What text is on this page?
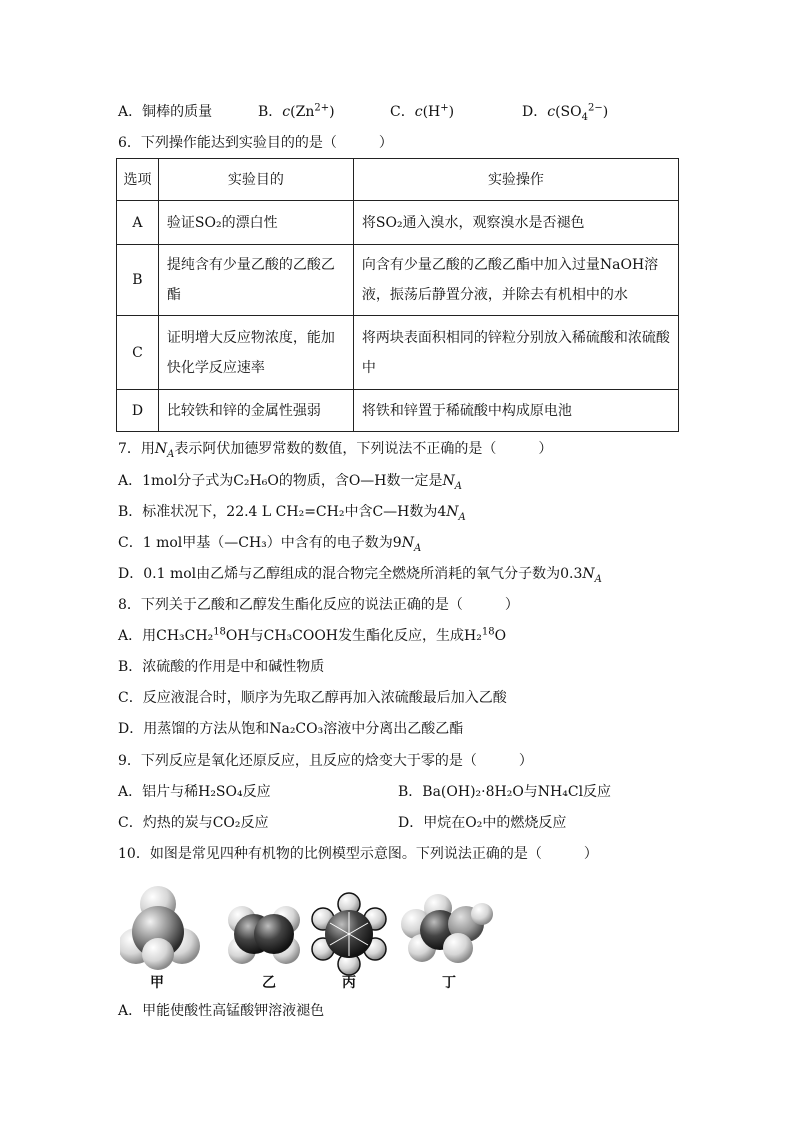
A．铜棒的质量	B．$c(Zn^{2+})$	C．c(H+)	D．$c(SO_4^{2-})$
6．下列操作能达到实验目的的是（　　　）
选项	实验目的	实验操作
A	验证SO₂的漂白性	将SO₂通入溴水，观察溴水是否褪色

B	提纯含有少量乙酸的乙酸乙酯	向含有少量乙酸的乙酸乙酯中加入过量NaOH溶液，振荡后静置分液，并除去有机相中的水

C	证明增大反应物浓度，能加快化学反应速率	将两块表面积相同的锌粒分别放入稀硫酸和浓硫酸中

D	比较铁和锌的金属性强弱	将铁和锌置于稀硫酸中构成原电池
7．用$N_A$表示阿伏加德罗常数的数值，下列说法不正确的是（　　　）
A．1mol分子式为C₂H₆O的物质，含O—H数一定是$N_A$
B．标准状况下，22.4 L CH₂=CH₂中含C—H数为$4N_A$
C．1 mol甲基（—CH₃）中含有的电子数为$9N_A$
D．0.1 mol由乙烯与乙醇组成的混合物完全燃烧所消耗的氧气分子数为$0.3N_A$
8．下列关于乙酸和乙醇发生酯化反应的说法正确的是（　　　）
A．用CH₃CH₂$^{18}$OH与CH₃COOH发生酯化反应，生成H₂$^{18}$O
B．浓硫酸的作用是中和碱性物质
C．反应液混合时，顺序为先取乙醇再加入浓硫酸最后加入乙酸
D．用蒸馏的方法从饱和Na₂CO₃溶液中分离出乙酸乙酯
9．下列反应是氧化还原反应，且反应的焓变大于零的是（　　　）
A．铝片与稀H₂SO₄反应	B．Ba(OH)₂·8H₂O与NH₄Cl反应
C．灼热的炭与CO₂反应	D．甲烷在O₂中的燃烧反应
10．如图是常见四种有机物的比例模型示意图。下列说法正确的是（　　　）
甲	乙	丙	丁
A．甲能使酸性高锰酸钾溶液褪色
